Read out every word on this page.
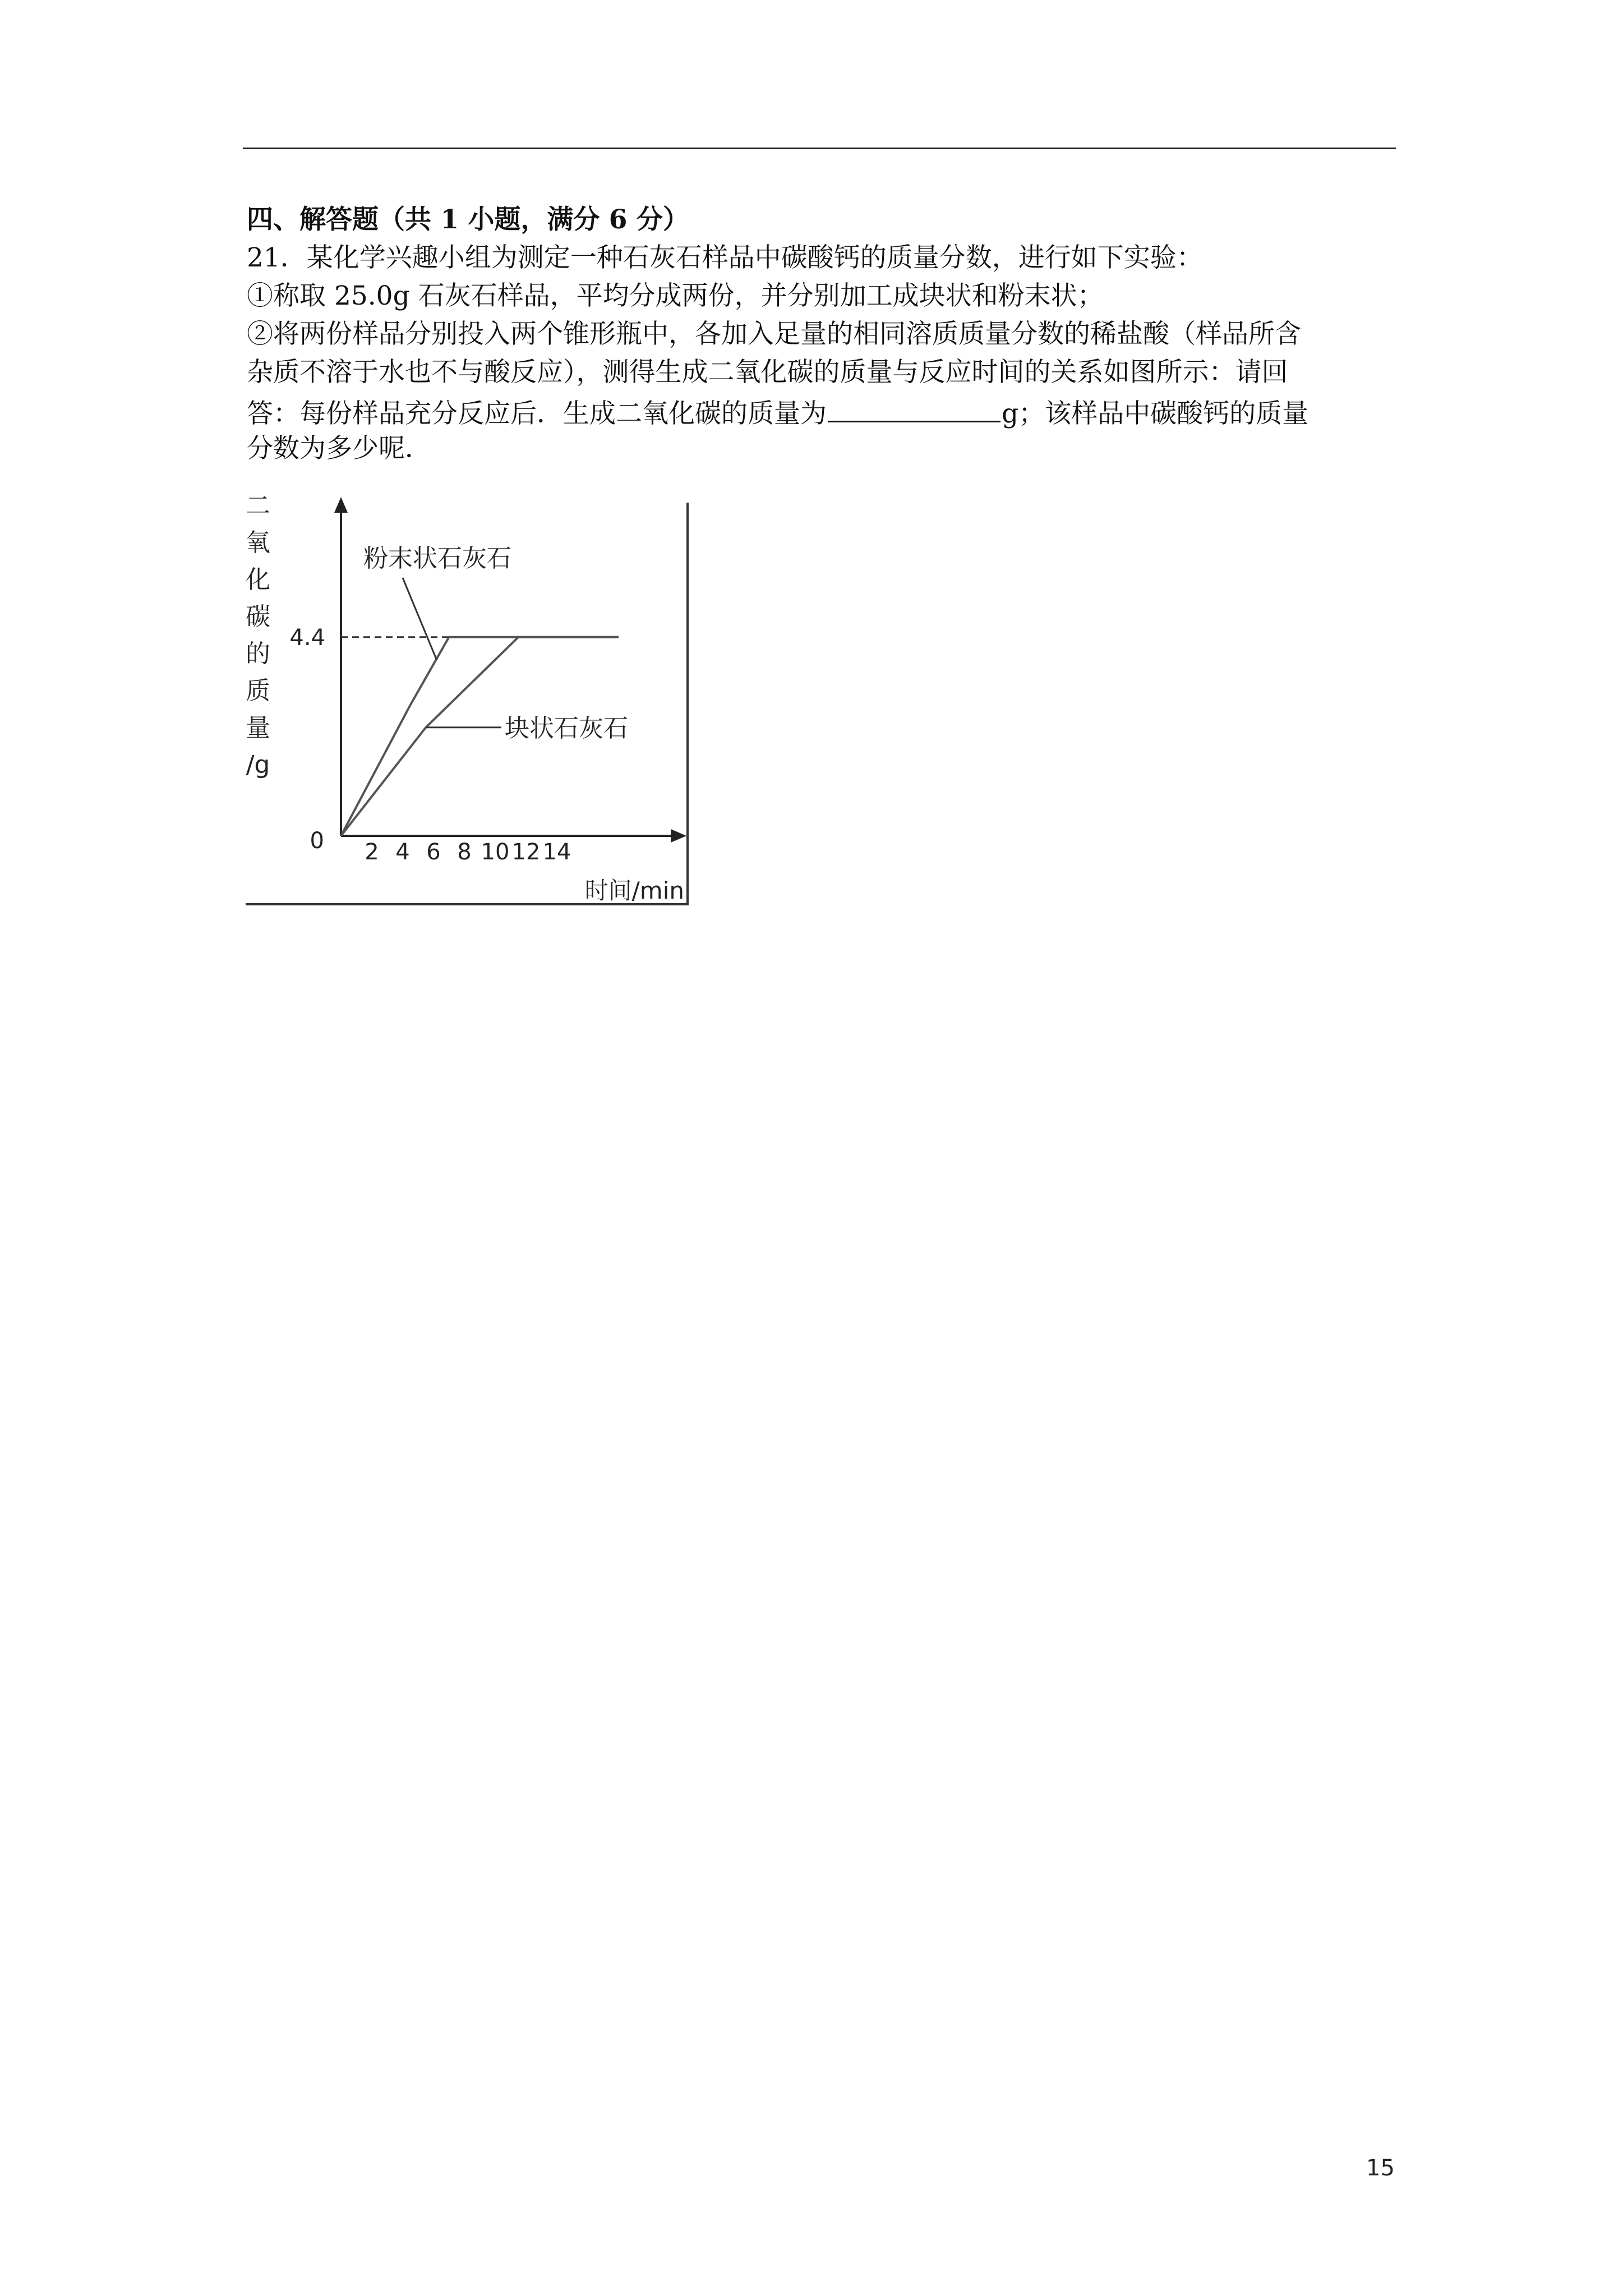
四、解答题（共 1 小题，满分 6 分）
21．某化学兴趣小组为测定一种石灰石样品中碳酸钙的质量分数，进行如下实验：
①称取 25.0g 石灰石样品，平均分成两份，并分别加工成块状和粉末状；
②将两份样品分别投入两个锥形瓶中，各加入足量的相同溶质质量分数的稀盐酸（样品所含
杂质不溶于水也不与酸反应），测得生成二氧化碳的质量与反应时间的关系如图所示：请回
答：每份样品充分反应后．生成二氧化碳的质量为	g；该样品中碳酸钙的质量
分数为多少呢．
二
氧
化
碳
的
质
量
/g
4.4
0 2 4 6 8 10 12 14
时间/min
粉末状石灰石
块状石灰石
15
